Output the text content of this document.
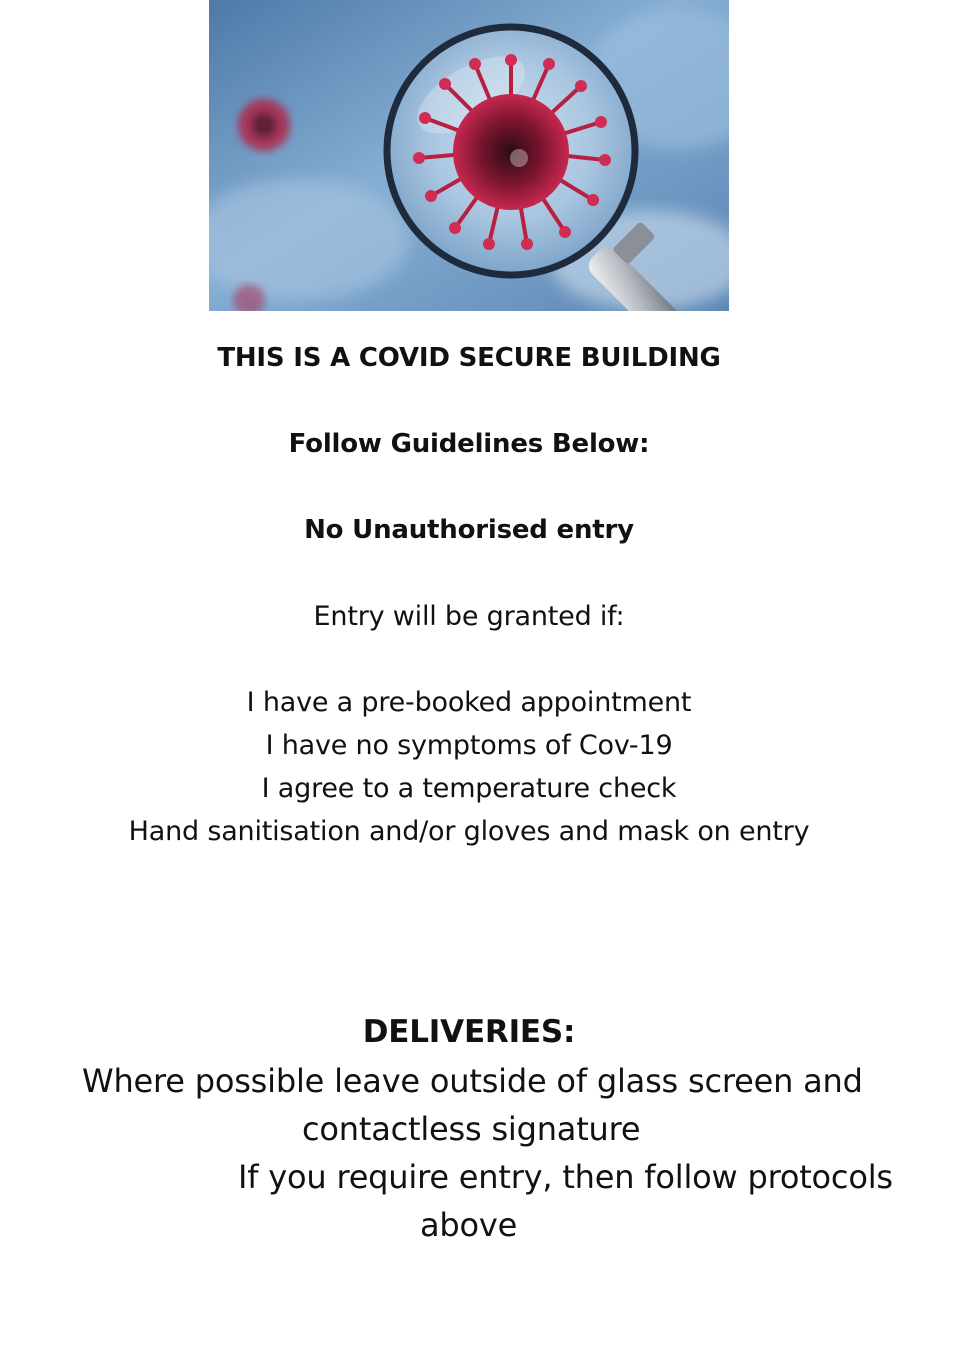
THIS IS A COVID SECURE BUILDING
Follow Guidelines Below:
No Unauthorised entry
Entry will be granted if:
I have a pre-booked appointment
I have no symptoms of Cov-19
I agree to a temperature check
Hand sanitisation and/or gloves and mask on entry
DELIVERIES:
Where possible leave outside of glass screen and
contactless signature
If you require entry, then follow protocols
above
